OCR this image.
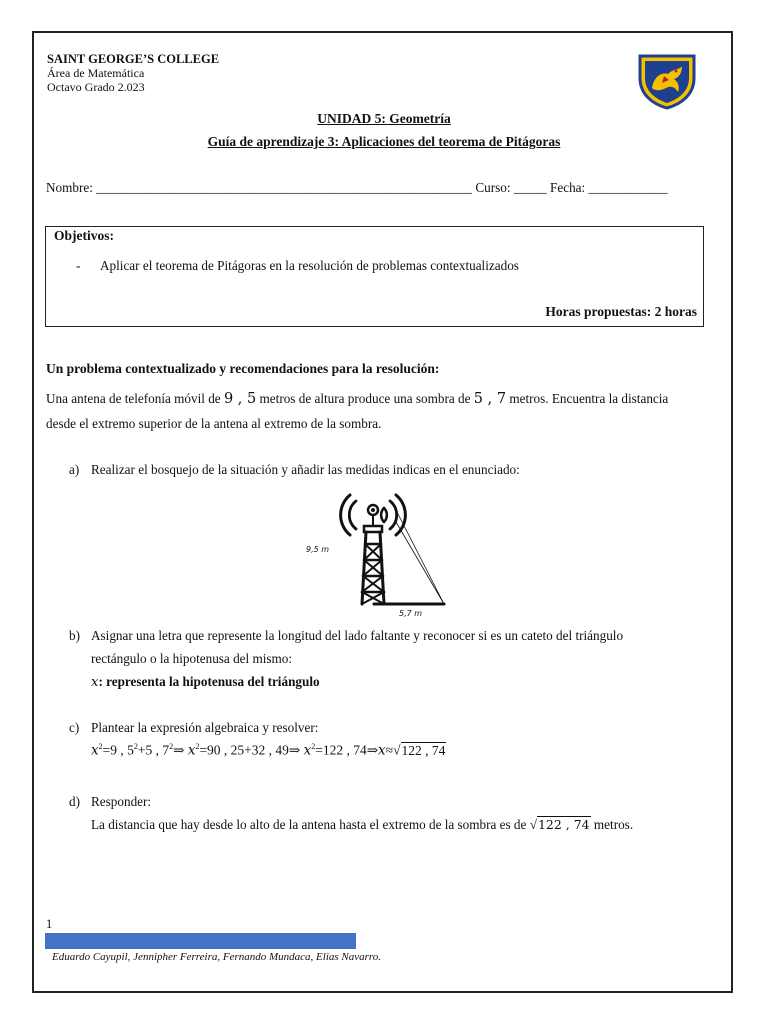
SAINT GEORGE’S COLLEGE
Área de Matemática
Octavo Grado 2.023
UNIDAD 5: Geometría
Guía de aprendizaje 3: Aplicaciones del teorema de Pitágoras
Nombre: _________________________________________________________ Curso: _____ Fecha: ____________
Objetivos:
- Aplicar el teorema de Pitágoras en la resolución de problemas contextualizados
Horas propuestas: 2 horas
Un problema contextualizado y recomendaciones para la resolución:
Una antena de telefonía móvil de 9 , 5 metros de altura produce una sombra de 5 , 7 metros. Encuentra la distancia
desde el extremo superior de la antena al extremo de la sombra.
a) Realizar el bosquejo de la situación y añadir las medidas indicas en el enunciado:
9,5 m
5,7 m
b) Asignar una letra que represente la longitud del lado faltante y reconocer si es un cateto del triángulo
rectángulo o la hipotenusa del mismo:
x: representa la hipotenusa del triángulo
c) Plantear la expresión algebraica y resolver:
$x^2=9$ , $5^2+5$ , $7^2\Rightarrow$ $x^2=90$ , 25+32 , 49⇒ $x^2=122$ , 74⇒x≈√122 , 74
d) Responder:
La distancia que hay desde lo alto de la antena hasta el extremo de la sombra es de √122 , 74 metros.
1
Eduardo Cayupil, Jennipher Ferreira, Fernando Mundaca, Elias Navarro.
